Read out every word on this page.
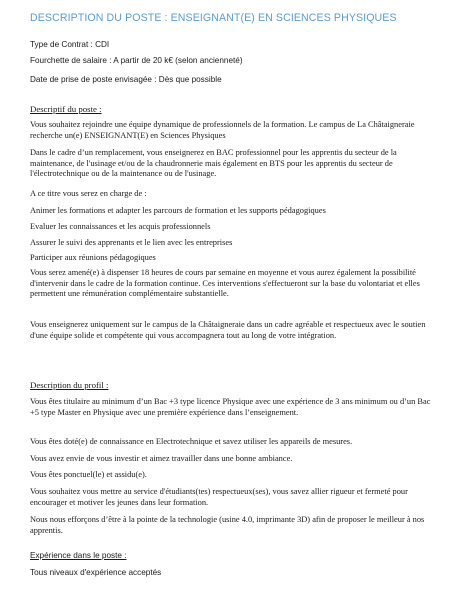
DESCRIPTION DU POSTE : ENSEIGNANT(E) EN SCIENCES PHYSIQUES
Type de Contrat : CDI
Fourchette de salaire : A partir de 20 k€ (selon ancienneté)
Date de prise de poste envisagée : Dès que possible
Descriptif du poste :
Vous souhaitez rejoindre une équipe dynamique de professionnels de la formation. Le campus de La Châtaigneraie recherche un(e) ENSEIGNANT(E) en Sciences Physiques
Dans le cadre d’un remplacement, vous enseignerez en BAC professionnel pour les apprentis du secteur de la maintenance, de l'usinage et/ou de la chaudronnerie mais également en BTS pour les apprentis du secteur de l'électrotechnique ou de la maintenance ou de l'usinage.
A ce titre vous serez en charge de :
Animer les formations et adapter les parcours de formation et les supports pédagogiques
Evaluer les connaissances et les acquis professionnels
Assurer le suivi des apprenants et le lien avec les entreprises
Participer aux réunions pédagogiques
Vous serez amené(e) à dispenser 18 heures de cours par semaine en moyenne et vous aurez également la possibilité d'intervenir dans le cadre de la formation continue. Ces interventions s'effectueront sur la base du volontariat et elles permettent une rémunération complémentaire substantielle.
Vous enseignerez uniquement sur le campus de la Châtaigneraie dans un cadre agréable et respectueux avec le soutien d'une équipe solide et compétente qui vous accompagnera tout au long de votre intégration.
Description du profil :
Vous êtes titulaire au minimum d’un Bac +3 type licence Physique avec une expérience de 3 ans minimum ou d’un Bac +5 type Master en Physique avec une première expérience dans l’enseignement.
Vous êtes doté(e) de connaissance en Electrotechnique et savez utiliser les appareils de mesures.
Vous avez envie de vous investir et aimez travailler dans une bonne ambiance.
Vous êtes ponctuel(le) et assidu(e).
Vous souhaitez vous mettre au service d'étudiants(tes) respectueux(ses), vous savez allier rigueur et fermeté pour encourager et motiver les jeunes dans leur formation.
Nous nous efforçons d’être à la pointe de la technologie (usine 4.0, imprimante 3D) afin de proposer le meilleur à nos apprentis.
Expérience dans le poste :
Tous niveaux d'expérience acceptés
